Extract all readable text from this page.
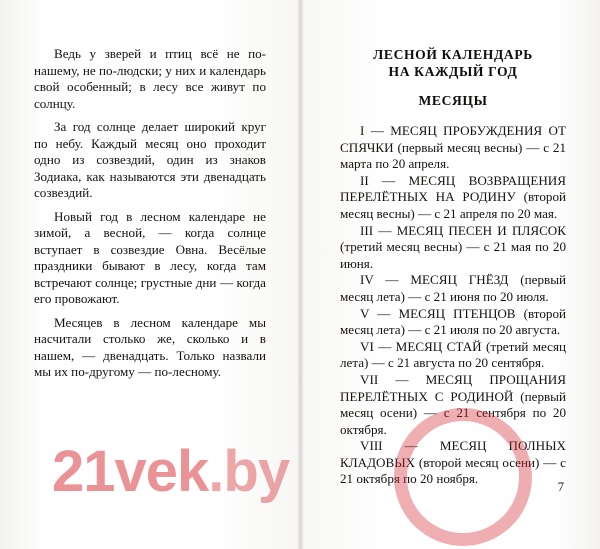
Ведь у зверей и птиц всё не по-нашему, не по-людски; у них и календарь свой особенный; в лесу все живут по солнцу.

За год солнце делает широкий круг по небу. Каждый месяц оно проходит одно из созвездий, один из знаков Зодиака, как называются эти двенадцать созвездий.

Новый год в лесном календаре не зимой, а весной, — когда солнце вступает в созвездие Овна. Весёлые праздники бывают в лесу, когда там встречают солнце; грустные дни — когда его провожают.

Месяцев в лесном календаре мы насчитали столько же, сколько и в нашем, — двенадцать. Только назвали мы их по-другому — по-лесному.

ЛЕСНОЙ КАЛЕНДАРЬ
НА КАЖДЫЙ ГОД
МЕСЯЦЫ

I — МЕСЯЦ ПРОБУЖДЕНИЯ ОТ СПЯЧКИ (первый месяц весны) — с 21 марта по 20 апреля.

II — МЕСЯЦ ВОЗВРАЩЕНИЯ ПЕРЕЛЁТНЫХ НА РОДИНУ (второй месяц весны) — с 21 апреля по 20 мая.

III — МЕСЯЦ ПЕСЕН И ПЛЯСОК (третий месяц весны) — с 21 мая по 20 июня.

IV — МЕСЯЦ ГНЁЗД (первый месяц лета) — с 21 июня по 20 июля.

V — МЕСЯЦ ПТЕНЦОВ (второй месяц лета) — с 21 июля по 20 августа.

VI — МЕСЯЦ СТАЙ (третий месяц лета) — с 21 августа по 20 сентября.

VII — МЕСЯЦ ПРОЩАНИЯ ПЕРЕЛЁТНЫХ С РОДИНОЙ (первый месяц осени) — с 21 сентября по 20 октября.

VIII — МЕСЯЦ ПОЛНЫХ КЛАДОВЫХ (второй месяц осени) — с 21 октября по 20 ноября.

7
21vek.by
